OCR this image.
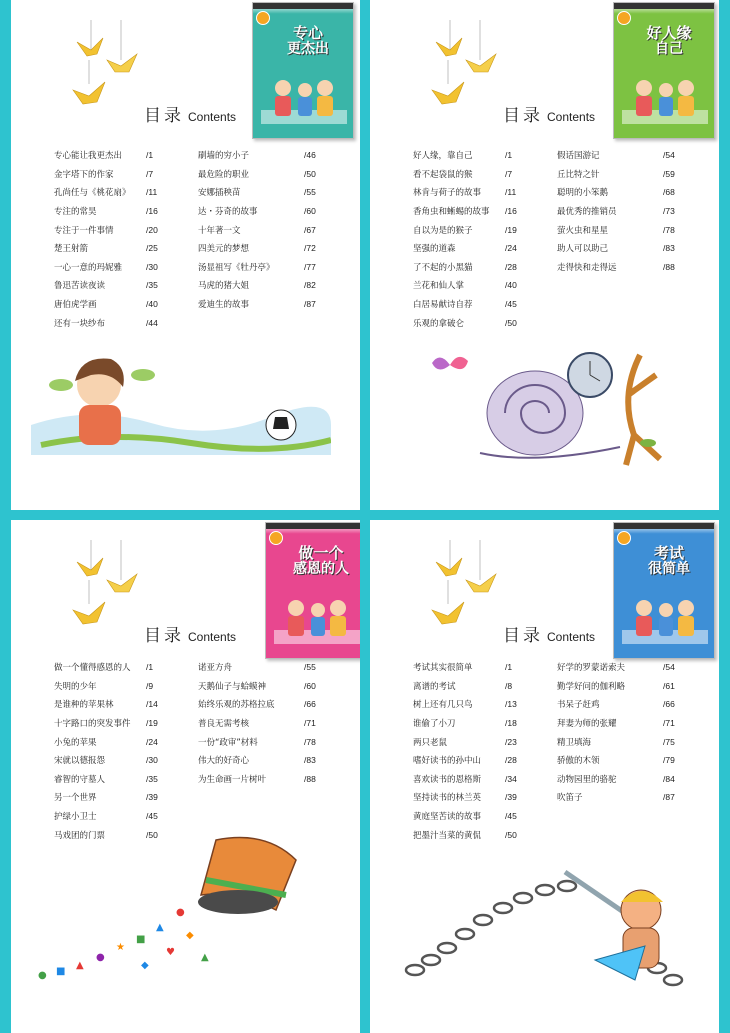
目录 Contents
专心
更杰出
专心能让我更杰出	/1
金字塔下的作家	/7
孔尚任与《桃花扇》	/11
专注的常昊	/16
专注于一件事情	/20
楚王射箭	/25
一心一意的玛妮雅	/30
鲁迅苦读夜读	/35
唐伯虎学画	/40
还有一块纱布	/44
刷墙的穷小子	/46
最危险的职业	/50
安娜插秧苗	/55
达・芬奇的故事	/60
十年著一文	/67
四美元的梦想	/72
汤显祖写《牡丹亭》	/77
马虎的猪大姐	/82
爱迪生的故事	/87
目录 Contents
好人缘
自己
好人缘，靠自己	/1
看不起袋鼠的猴	/7
林肯与荷子的故事	/11
香角虫和蜥蜴的故事	/16
自以为是的猴子	/19
坚强的道森	/24
了不起的小黑猫	/28
兰花和仙人掌	/40
白居易献诗自荐	/45
乐观的拿破仑	/50
假话国游记	/54
丘比特之针	/59
聪明的小笨鹅	/68
最优秀的推销员	/73
萤火虫和星星	/78
助人可以助己	/83
走得快和走得远	/88
目录 Contents
做一个
感恩的人
做一个懂得感恩的人	/1
失明的少年	/9
是谁种的苹果林	/14
十字路口的突发事件	/19
小兔的苹果	/24
宋就以德报怨	/30
睿智的守墓人	/35
另一个世界	/39
护绿小卫士	/45
马戏团的门票	/50
诺亚方舟	/55
天鹅仙子与蛤蟆神	/60
始终乐观的苏格拉底	/66
普良无需考核	/71
一份“政审”材料	/78
伟大的好奇心	/83
为生命画一片树叶	/88
●
▲
■
★
●
▲
■
●
◆
♥
◆
▲
目录 Contents
考试
很简单
考试其实很简单	/1
离谱的考试	/8
树上还有几只鸟	/13
谁偷了小刀	/18
两只老鼠	/23
嗜好读书的孙中山	/28
喜欢读书的恩格斯	/34
坚持读书的林兰英	/39
黄庭坚苦读的故事	/45
把墨汁当菜的黄侃	/50
好学的罗蒙诺索夫	/54
勤学好问的伽利略	/61
书呆子赶鸡	/66
拜妻为师的张耀	/71
精卫填海	/75
骄傲的木领	/79
动物园里的骆驼	/84
吹笛子	/87
